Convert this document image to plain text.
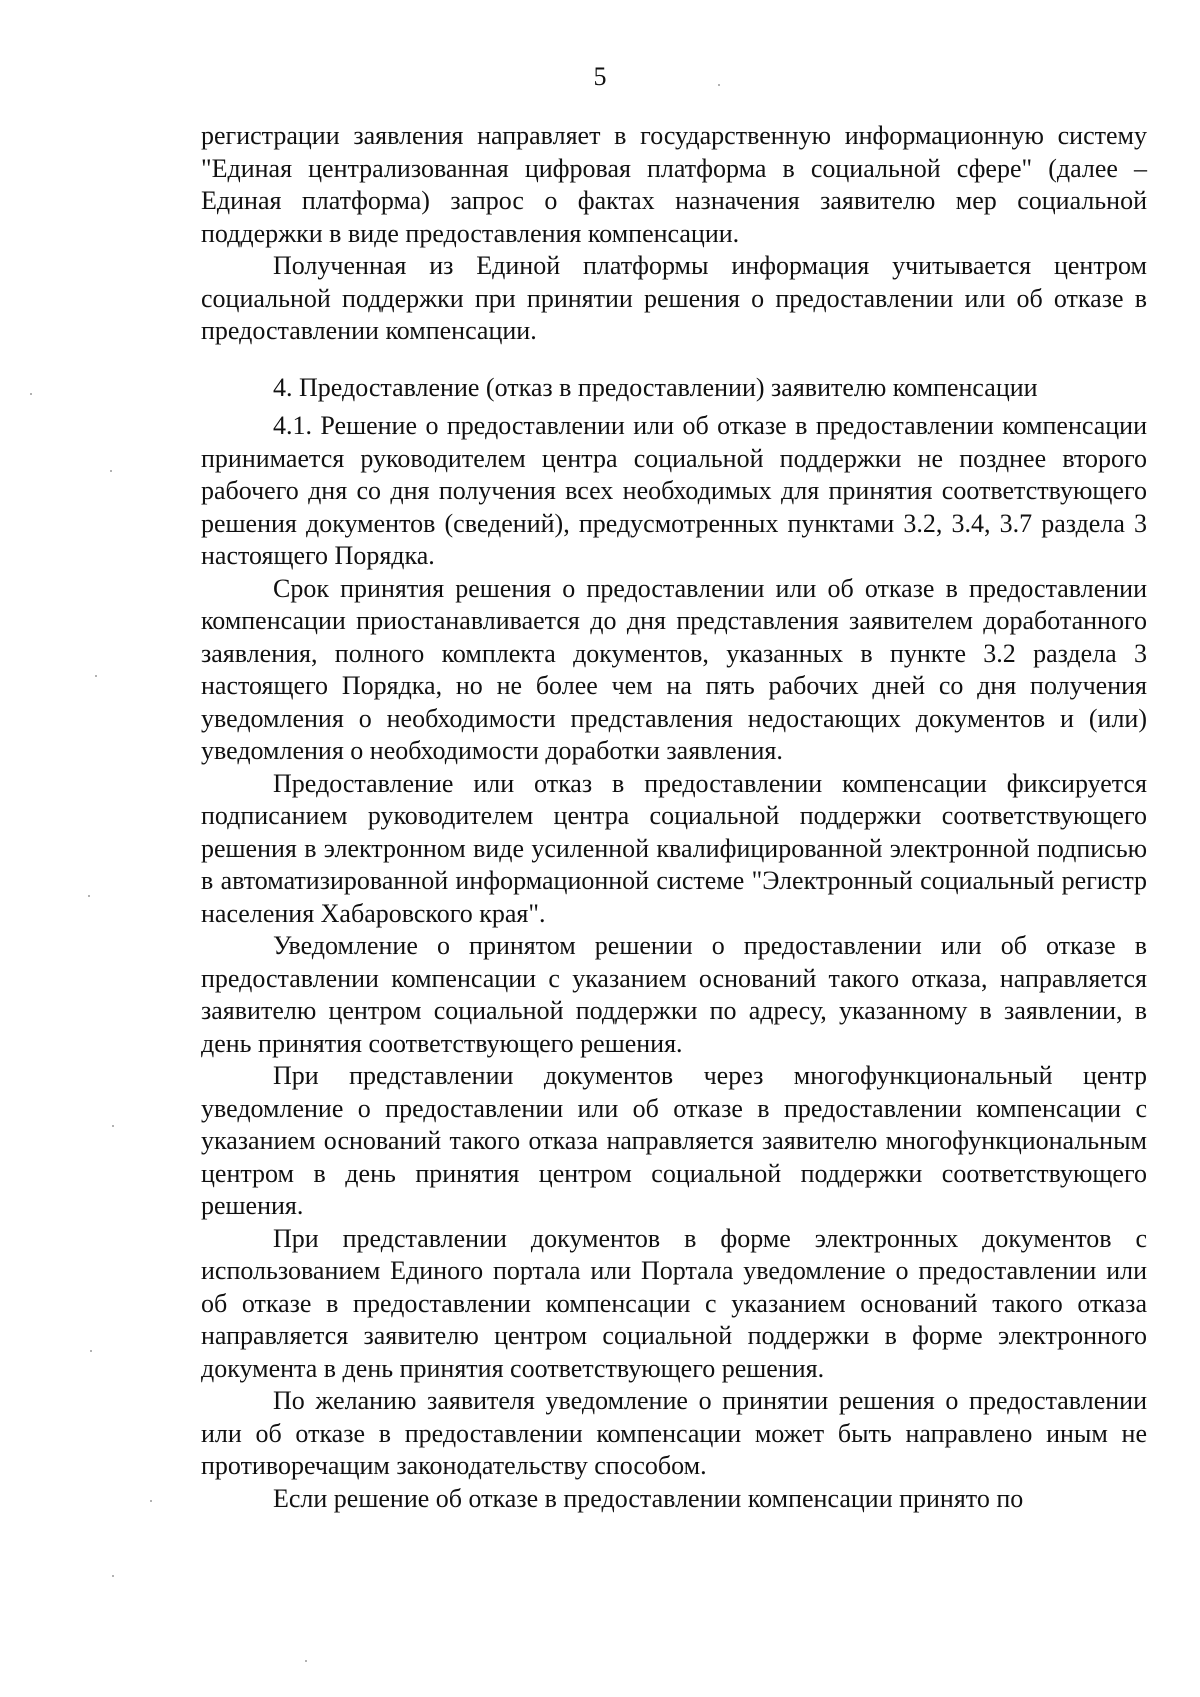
5

регистрации заявления направляет в государственную информационную систему "Единая централизованная цифровая платформа в социальной сфере" (далее – Единая платформа) запрос о фактах назначения заявителю мер социальной поддержки в виде предоставления компенсации.

Полученная из Единой платформы информация учитывается центром социальной поддержки при принятии решения о предоставлении или об отказе в предоставлении компенсации.

4. Предоставление (отказ в предоставлении) заявителю компенсации

4.1. Решение о предоставлении или об отказе в предоставлении компенсации принимается руководителем центра социальной поддержки не позднее второго рабочего дня со дня получения всех необходимых для принятия соответствующего решения документов (сведений), предусмотренных пунктами 3.2, 3.4, 3.7 раздела 3 настоящего Порядка.

Срок принятия решения о предоставлении или об отказе в предоставлении компенсации приостанавливается до дня представления заявителем доработанного заявления, полного комплекта документов, указанных в пункте 3.2 раздела 3 настоящего Порядка, но не более чем на пять рабочих дней со дня получения уведомления о необходимости представления недостающих документов и (или) уведомления о необходимости доработки заявления.

Предоставление или отказ в предоставлении компенсации фиксируется подписанием руководителем центра социальной поддержки соответствующего решения в электронном виде усиленной квалифицированной электронной подписью в автоматизированной информационной системе "Электронный социальный регистр населения Хабаровского края".

Уведомление о принятом решении о предоставлении или об отказе в предоставлении компенсации с указанием оснований такого отказа, направляется заявителю центром социальной поддержки по адресу, указанному в заявлении, в день принятия соответствующего решения.

При представлении документов через многофункциональный центр уведомление о предоставлении или об отказе в предоставлении компенсации с указанием оснований такого отказа направляется заявителю многофункциональным центром в день принятия центром социальной поддержки соответствующего решения.

При представлении документов в форме электронных документов с использованием Единого портала или Портала уведомление о предоставлении или об отказе в предоставлении компенсации с указанием оснований такого отказа направляется заявителю центром социальной поддержки в форме электронного документа в день принятия соответствующего решения.

По желанию заявителя уведомление о принятии решения о предоставлении или об отказе в предоставлении компенсации может быть направлено иным не противоречащим законодательству способом.

Если решение об отказе в предоставлении компенсации принято по
